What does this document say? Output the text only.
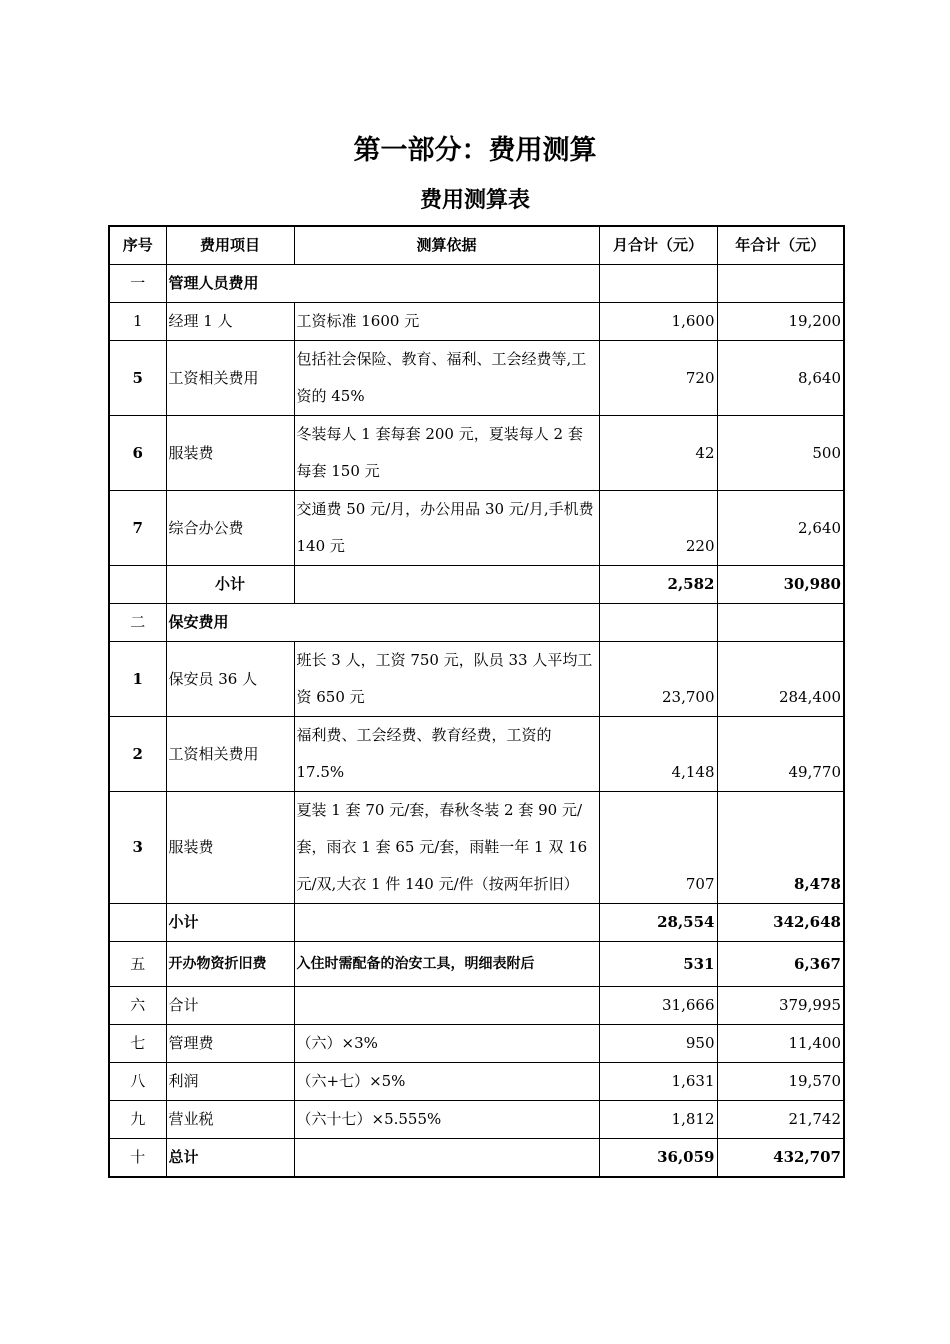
第一部分：费用测算
费用测算表
序号	费用项目	测算依据	月合计（元）	年合计（元）
一	管理人员费用			
1	经理 1 人	工资标准 1600 元	1,600	19,200
5	工资相关费用	包括社会保险、教育、福利、工会经费等,工资的 45%	720	8,640
6	服装费	冬装每人 1 套每套 200 元，夏装每人 2 套每套 150 元	42	500
7	综合办公费	交通费 50 元/月，办公用品 30 元/月,手机费 140 元	220	2,640
	小计		2,582	30,980
二	保安费用			
1	保安员 36 人	班长 3 人，工资 750 元，队员 33 人平均工资 650 元	23,700	284,400
2	工资相关费用	福利费、工会经费、教育经费，工资的 17.5%	4,148	49,770
3	服装费	夏装 1 套 70 元/套，春秋冬装 2 套 90 元/套，雨衣 1 套 65 元/套，雨鞋一年 1 双 16 元/双,大衣 1 件 140 元/件（按两年折旧）	707	8,478
	小计		28,554	342,648
五	开办物资折旧费	入住时需配备的治安工具，明细表附后	531	6,367
六	合计		31,666	379,995
七	管理费	（六）×3%	950	11,400
八	利润	（六+七）×5%	1,631	19,570
九	营业税	（六十七）×5.555%	1,812	21,742
十	总计		36,059	432,707
